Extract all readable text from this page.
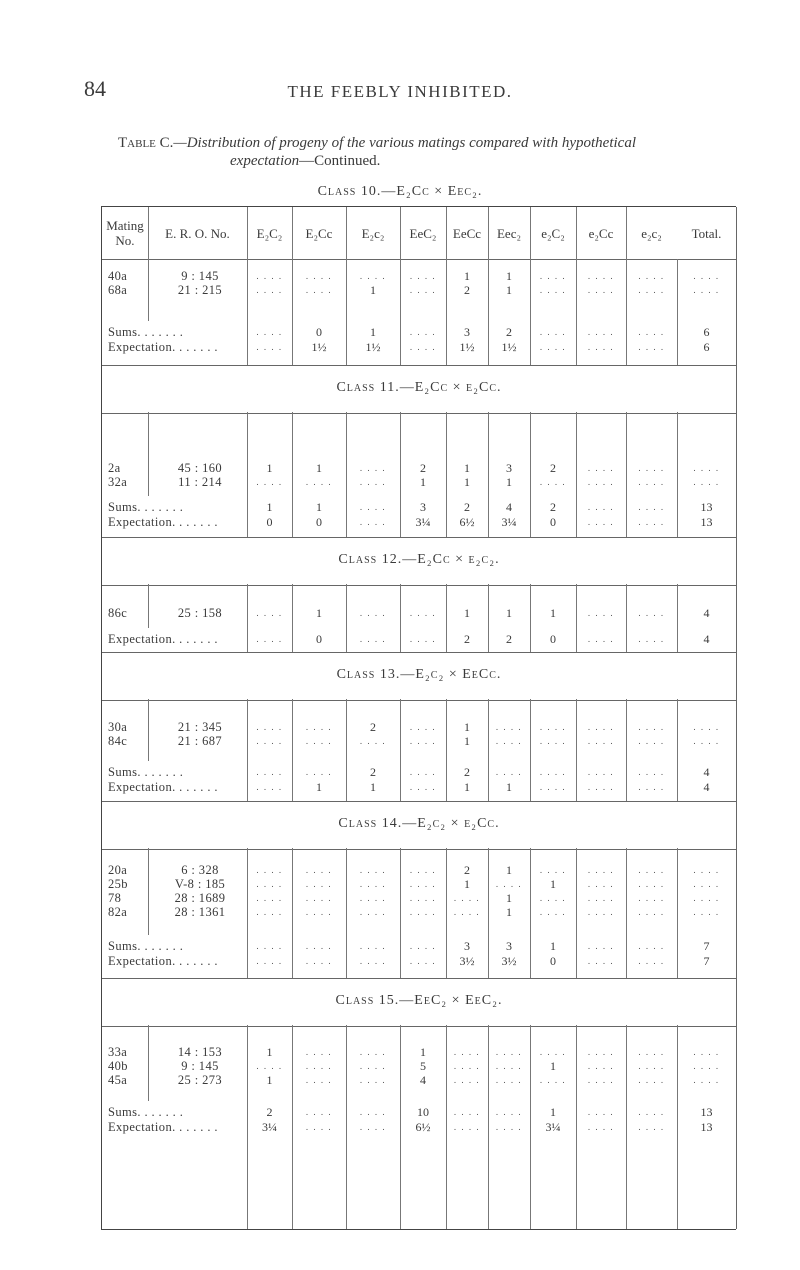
84	THE FEEBLY INHIBITED.
Table C.—Distribution of progeny of the various matings compared with hypothetical
expectation—Continued.
Class 10.—E₂Cc × Eec₂.
Mating No.	E. R. O. No.	E₂C₂	E₂Cc	E₂c₂	EeC₂	EeCc	Eec₂	e₂C₂	e₂Cc	e₂c₂	Total.
40a	9 : 145	. . . .	. . . .	. . . .	. . . .	1	1	. . . .	. . . .	. . . .	. . . .
68a	21 : 215	. . . .	. . . .	1	. . . .	2	1	. . . .	. . . .	. . . .	. . . .
Sums. . . . . . .	. . . .	0	1	. . . .	3	2	. . . .	. . . .	. . . .	6
Expectation. . . . . . .	. . . .	1½	1½	. . . .	1½	1½	. . . .	. . . .	. . . .	6
Class 11.—E₂Cc × e₂Cc.
2a	45 : 160	1	1	. . . .	2	1	3	2	. . . .	. . . .	. . . .
32a	11 : 214	. . . .	. . . .	. . . .	1	1	1	. . . .	. . . .	. . . .	. . . .
Sums. . . . . . .	1	1	. . . .	3	2	4	2	. . . .	. . . .	13
Expectation. . . . . . .	0	0	. . . .	3¼	6½	3¼	0	. . . .	. . . .	13
Class 12.—E₂Cc × e₂c₂.
86c	25 : 158	. . . .	1	. . . .	. . . .	1	1	1	. . . .	. . . .	4
Expectation. . . . . . .	. . . .	0	. . . .	. . . .	2	2	0	. . . .	. . . .	4
Class 13.—E₂c₂ × EeCc.
30a	21 : 345	. . . .	. . . .	2	. . . .	1	. . . .	. . . .	. . . .	. . . .	. . . .
84c	21 : 687	. . . .	. . . .	. . . .	. . . .	1	. . . .	. . . .	. . . .	. . . .	. . . .
Sums. . . . . . .	. . . .	. . . .	2	. . . .	2	. . . .	. . . .	. . . .	. . . .	4
Expectation. . . . . . .	. . . .	1	1	. . . .	1	1	. . . .	. . . .	. . . .	4
Class 14.—E₂c₂ × e₂Cc.
20a	6 : 328	. . . .	. . . .	. . . .	. . . .	2	1	. . . .	. . . .	. . . .	. . . .
25b	V-8 : 185	. . . .	. . . .	. . . .	. . . .	1	. . . .	1	. . . .	. . . .	. . . .
78	28 : 1689	. . . .	. . . .	. . . .	. . . .	. . . .	1	. . . .	. . . .	. . . .	. . . .
82a	28 : 1361	. . . .	. . . .	. . . .	. . . .	. . . .	1	. . . .	. . . .	. . . .	. . . .
Sums. . . . . . .	. . . .	. . . .	. . . .	. . . .	3	3	1	. . . .	. . . .	7
Expectation. . . . . . .	. . . .	. . . .	. . . .	. . . .	3½	3½	0	. . . .	. . . .	7
Class 15.—EeC₂ × EeC₂.
33a	14 : 153	1	. . . .	. . . .	1	. . . .	. . . .	. . . .	. . . .	. . . .	. . . .
40b	9 : 145	. . . .	. . . .	. . . .	5	. . . .	. . . .	1	. . . .	. . . .	. . . .
45a	25 : 273	1	. . . .	. . . .	4	. . . .	. . . .	. . . .	. . . .	. . . .	. . . .
Sums. . . . . . .	2	. . . .	. . . .	10	. . . .	. . . .	1	. . . .	. . . .	13
Expectation. . . . . . .	3¼	. . . .	. . . .	6½	. . . .	. . . .	3¼	. . . .	. . . .	13
